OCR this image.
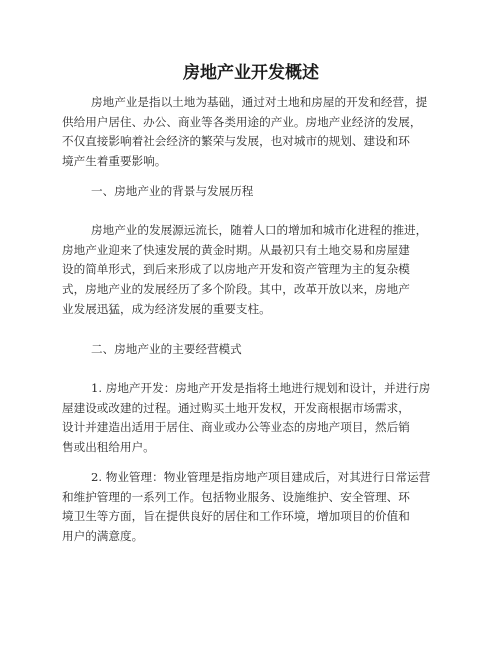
房地产业开发概述
房地产业是指以土地为基础，通过对土地和房屋的开发和经营，提
供给用户居住、办公、商业等各类用途的产业。房地产业经济的发展，
不仅直接影响着社会经济的繁荣与发展，也对城市的规划、建设和环
境产生着重要影响。
一、房地产业的背景与发展历程
房地产业的发展源远流长，随着人口的增加和城市化进程的推进，
房地产业迎来了快速发展的黄金时期。从最初只有土地交易和房屋建
设的简单形式，到后来形成了以房地产开发和资产管理为主的复杂模
式，房地产业的发展经历了多个阶段。其中，改革开放以来，房地产
业发展迅猛，成为经济发展的重要支柱。
二、房地产业的主要经营模式
1. 房地产开发：房地产开发是指将土地进行规划和设计，并进行房
屋建设或改建的过程。通过购买土地开发权，开发商根据市场需求，
设计并建造出适用于居住、商业或办公等业态的房地产项目，然后销
售或出租给用户。
2. 物业管理：物业管理是指房地产项目建成后，对其进行日常运营
和维护管理的一系列工作。包括物业服务、设施维护、安全管理、环
境卫生等方面，旨在提供良好的居住和工作环境，增加项目的价值和
用户的满意度。
